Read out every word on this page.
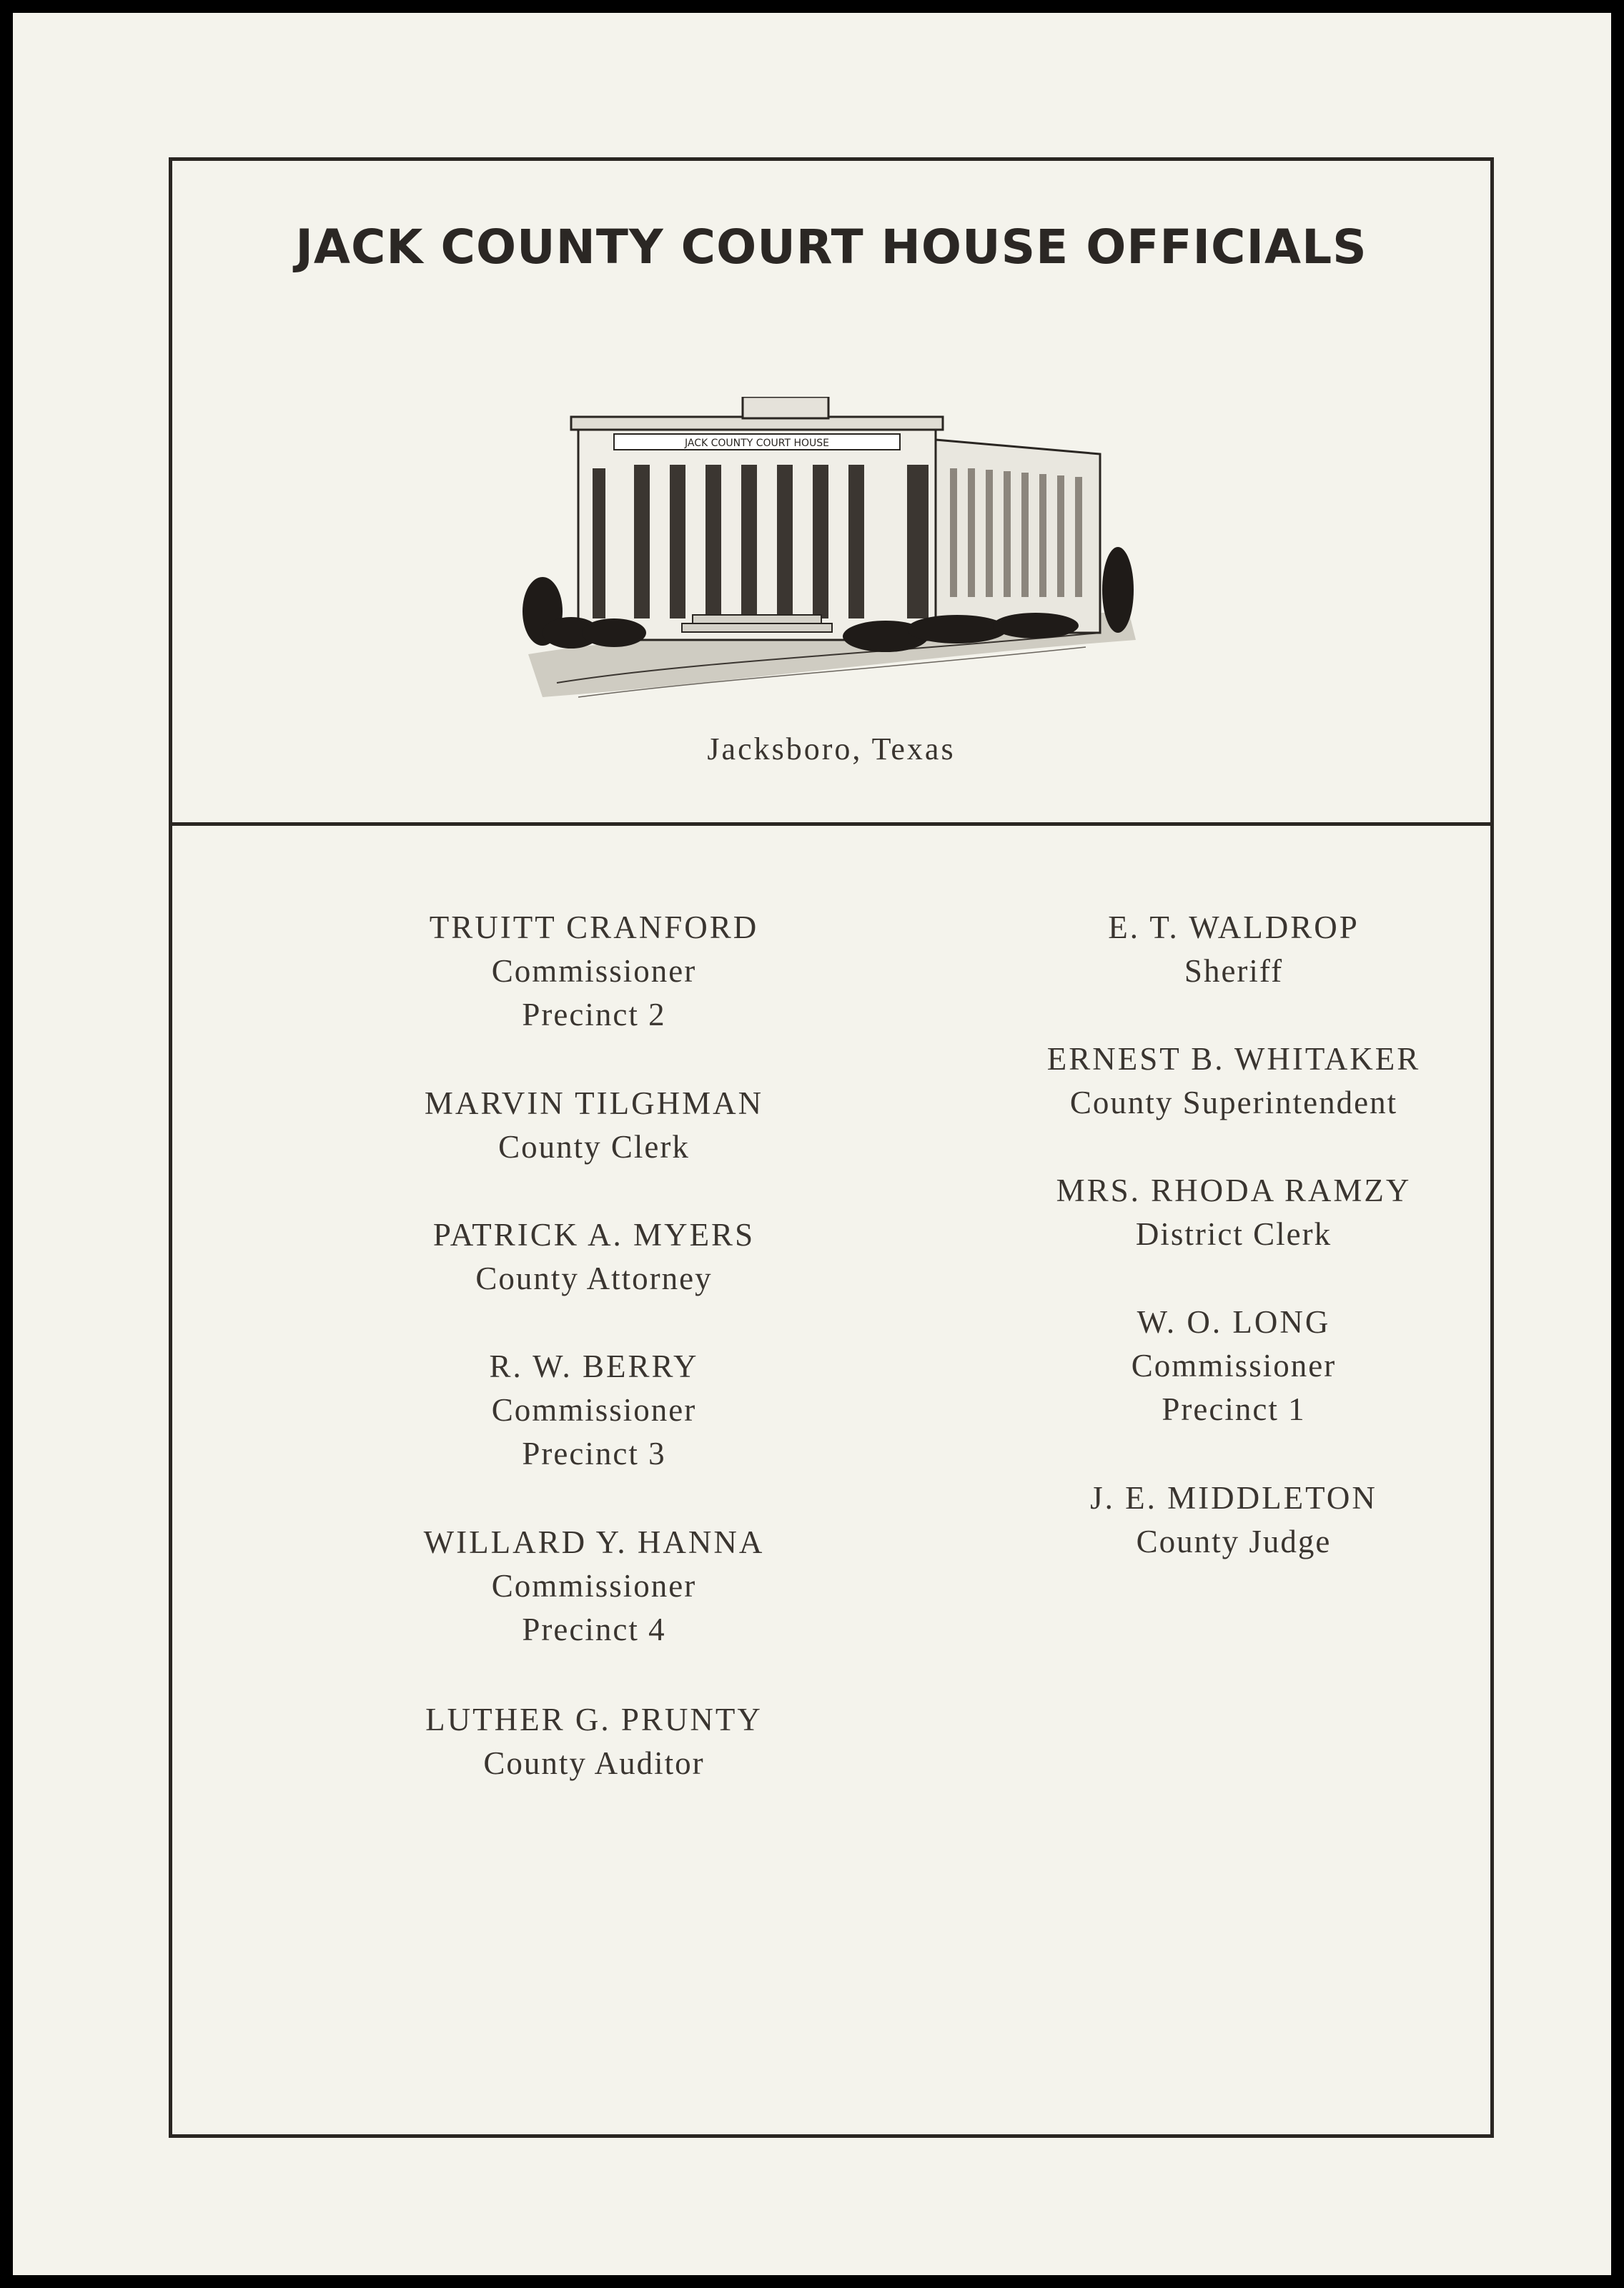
JACK COUNTY COURT HOUSE OFFICIALS
JACK COUNTY COURT HOUSE
Jacksboro, Texas
TRUITT CRANFORD
Commissioner
Precinct 2
MARVIN TILGHMAN
County Clerk
PATRICK A. MYERS
County Attorney
R. W. BERRY
Commissioner
Precinct 3
WILLARD Y. HANNA
Commissioner
Precinct 4
LUTHER G. PRUNTY
County Auditor
E. T. WALDROP
Sheriff
ERNEST B. WHITAKER
County Superintendent
MRS. RHODA RAMZY
District Clerk
W. O. LONG
Commissioner
Precinct 1
J. E. MIDDLETON
County Judge
